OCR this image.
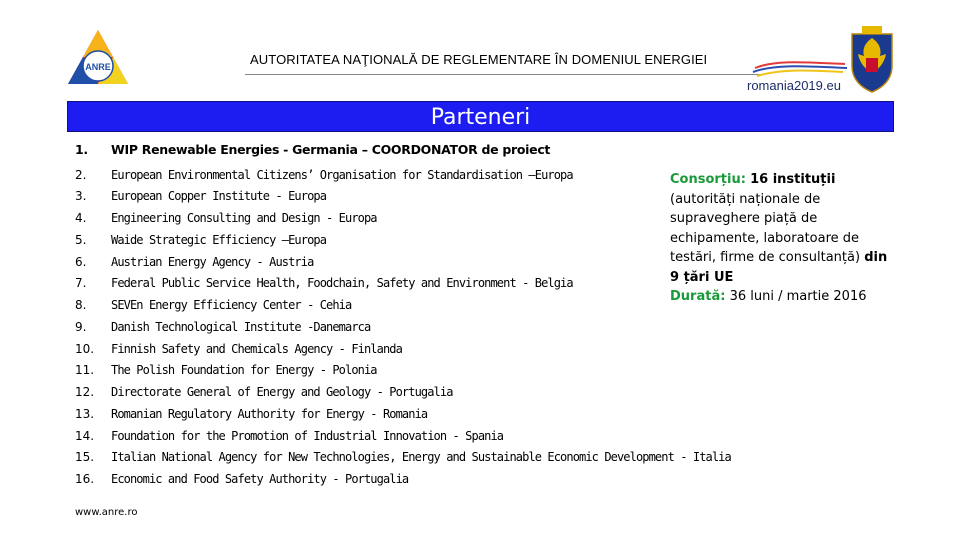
ANRE	AUTORITATEA NAŢIONALĂ DE REGLEMENTARE ÎN DOMENIUL ENERGIEI
romania2019.eu
Parteneri
1. WIP Renewable Energies - Germania – COORDONATOR de proiect
2. European Environmental Citizens’ Organisation for Standardisation –Europa
3. European Copper Institute - Europa
4. Engineering Consulting and Design - Europa
5. Waide Strategic Efficiency –Europa
6. Austrian Energy Agency - Austria
7. Federal Public Service Health, Foodchain, Safety and Environment - Belgia
8. SEVEn Energy Efficiency Center - Cehia
9. Danish Technological Institute -Danemarca
10. Finnish Safety and Chemicals Agency - Finlanda
11. The Polish Foundation for Energy - Polonia
12. Directorate General of Energy and Geology - Portugalia
13. Romanian Regulatory Authority for Energy - Romania
14. Foundation for the Promotion of Industrial Innovation - Spania
15. Italian National Agency for New Technologies, Energy and Sustainable Economic Development - Italia
16. Economic and Food Safety Authority - Portugalia
Consorțiu: 16 instituții
(autorități naționale de supraveghere piață de echipamente, laboratoare de testări, firme de consultanță) din 9 țări UE
Durată: 36 luni / martie 2016
www.anre.ro
